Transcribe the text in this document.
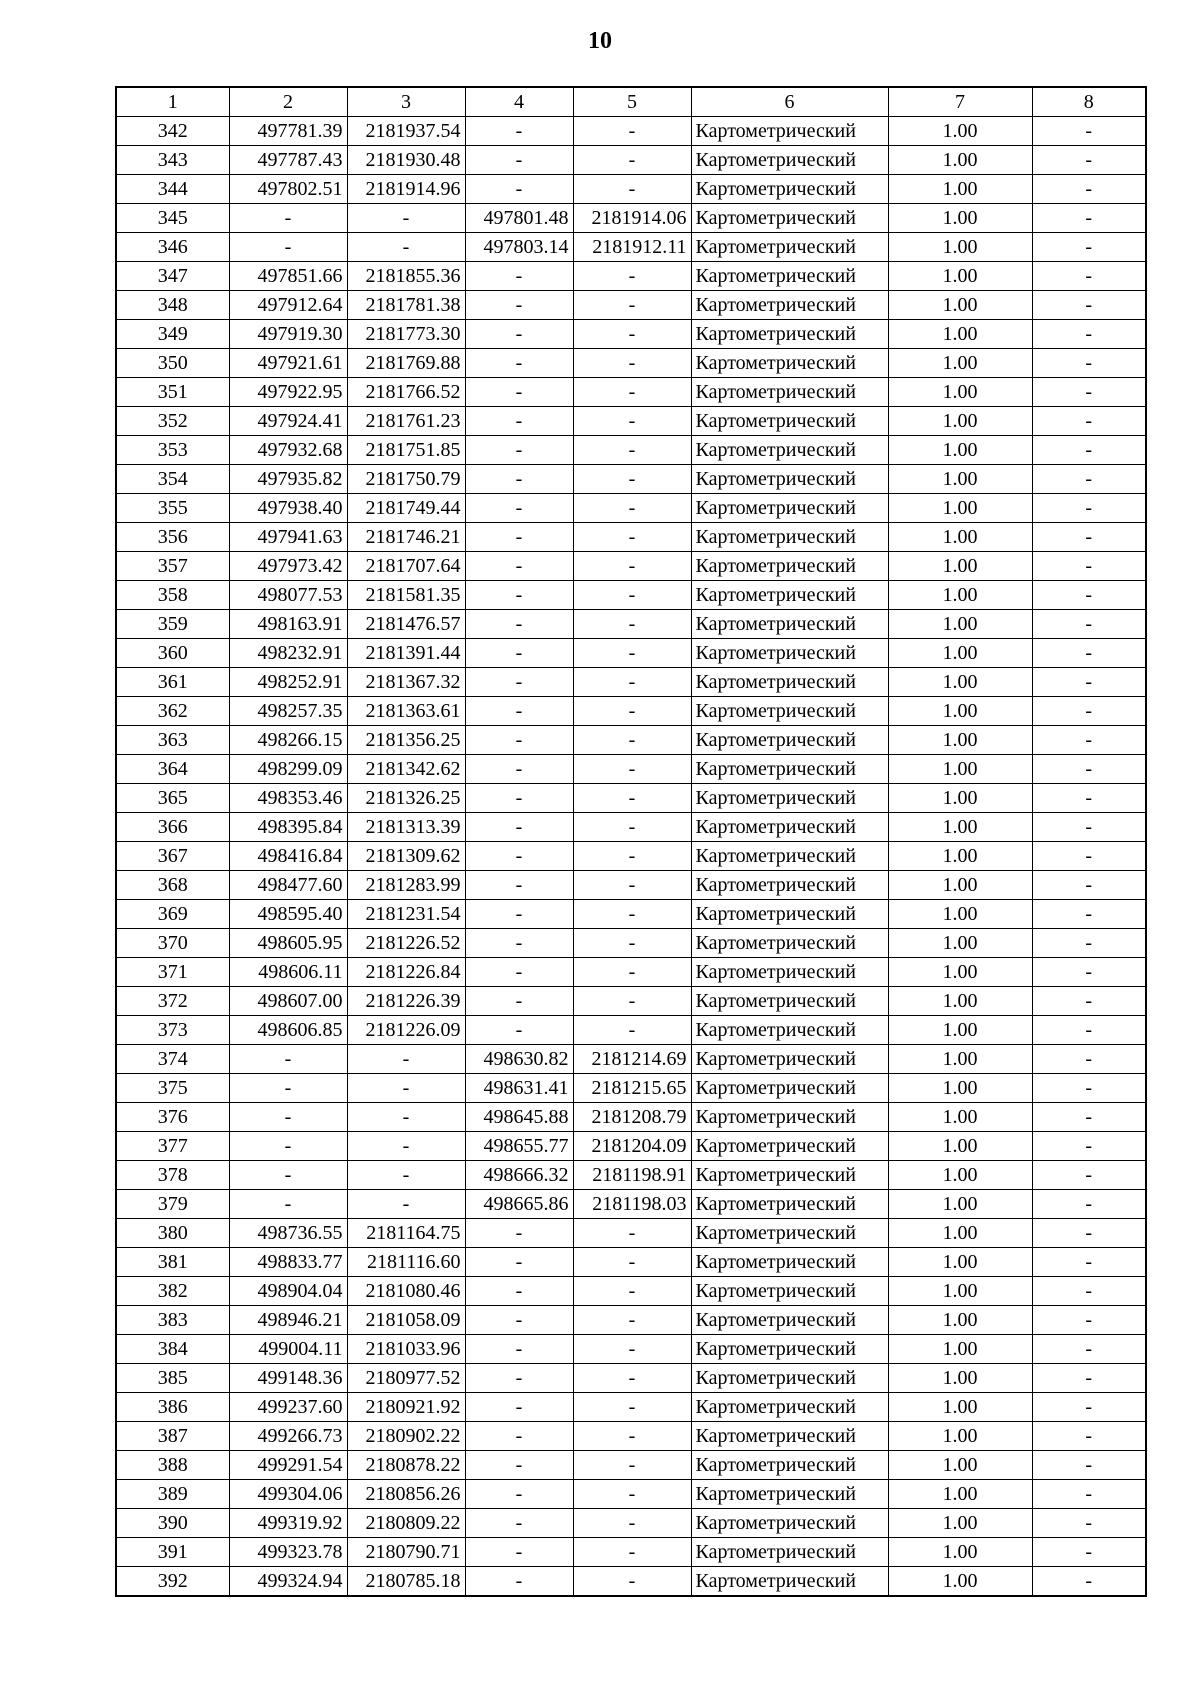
10
1	2	3	4	5	6	7	8
342	497781.39	2181937.54	-	-	Картометрический	1.00	-
343	497787.43	2181930.48	-	-	Картометрический	1.00	-
344	497802.51	2181914.96	-	-	Картометрический	1.00	-
345	-	-	497801.48	2181914.06	Картометрический	1.00	-
346	-	-	497803.14	2181912.11	Картометрический	1.00	-
347	497851.66	2181855.36	-	-	Картометрический	1.00	-
348	497912.64	2181781.38	-	-	Картометрический	1.00	-
349	497919.30	2181773.30	-	-	Картометрический	1.00	-
350	497921.61	2181769.88	-	-	Картометрический	1.00	-
351	497922.95	2181766.52	-	-	Картометрический	1.00	-
352	497924.41	2181761.23	-	-	Картометрический	1.00	-
353	497932.68	2181751.85	-	-	Картометрический	1.00	-
354	497935.82	2181750.79	-	-	Картометрический	1.00	-
355	497938.40	2181749.44	-	-	Картометрический	1.00	-
356	497941.63	2181746.21	-	-	Картометрический	1.00	-
357	497973.42	2181707.64	-	-	Картометрический	1.00	-
358	498077.53	2181581.35	-	-	Картометрический	1.00	-
359	498163.91	2181476.57	-	-	Картометрический	1.00	-
360	498232.91	2181391.44	-	-	Картометрический	1.00	-
361	498252.91	2181367.32	-	-	Картометрический	1.00	-
362	498257.35	2181363.61	-	-	Картометрический	1.00	-
363	498266.15	2181356.25	-	-	Картометрический	1.00	-
364	498299.09	2181342.62	-	-	Картометрический	1.00	-
365	498353.46	2181326.25	-	-	Картометрический	1.00	-
366	498395.84	2181313.39	-	-	Картометрический	1.00	-
367	498416.84	2181309.62	-	-	Картометрический	1.00	-
368	498477.60	2181283.99	-	-	Картометрический	1.00	-
369	498595.40	2181231.54	-	-	Картометрический	1.00	-
370	498605.95	2181226.52	-	-	Картометрический	1.00	-
371	498606.11	2181226.84	-	-	Картометрический	1.00	-
372	498607.00	2181226.39	-	-	Картометрический	1.00	-
373	498606.85	2181226.09	-	-	Картометрический	1.00	-
374	-	-	498630.82	2181214.69	Картометрический	1.00	-
375	-	-	498631.41	2181215.65	Картометрический	1.00	-
376	-	-	498645.88	2181208.79	Картометрический	1.00	-
377	-	-	498655.77	2181204.09	Картометрический	1.00	-
378	-	-	498666.32	2181198.91	Картометрический	1.00	-
379	-	-	498665.86	2181198.03	Картометрический	1.00	-
380	498736.55	2181164.75	-	-	Картометрический	1.00	-
381	498833.77	2181116.60	-	-	Картометрический	1.00	-
382	498904.04	2181080.46	-	-	Картометрический	1.00	-
383	498946.21	2181058.09	-	-	Картометрический	1.00	-
384	499004.11	2181033.96	-	-	Картометрический	1.00	-
385	499148.36	2180977.52	-	-	Картометрический	1.00	-
386	499237.60	2180921.92	-	-	Картометрический	1.00	-
387	499266.73	2180902.22	-	-	Картометрический	1.00	-
388	499291.54	2180878.22	-	-	Картометрический	1.00	-
389	499304.06	2180856.26	-	-	Картометрический	1.00	-
390	499319.92	2180809.22	-	-	Картометрический	1.00	-
391	499323.78	2180790.71	-	-	Картометрический	1.00	-
392	499324.94	2180785.18	-	-	Картометрический	1.00	-
